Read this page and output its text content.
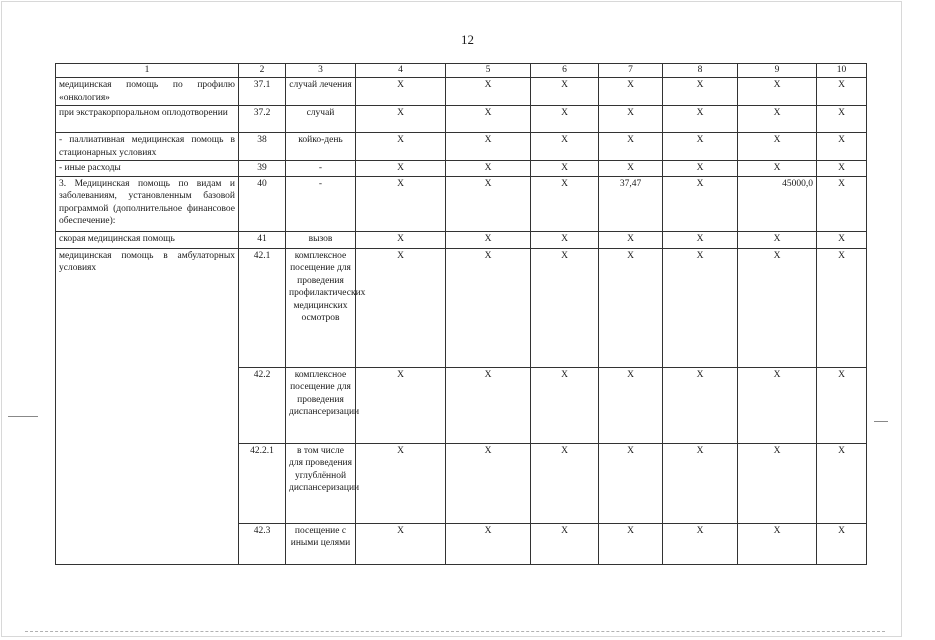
12
1	2	3	4	5	6	7	8	9	10
медицинская помощь по профилю «онкология»	37.1	случай лечения	Х	Х	Х	Х	Х	Х	Х
при экстракорпоральном оплодотворении	37.2	случай	Х	Х	Х	Х	Х	Х	Х
- паллиативная медицинская помощь в стационарных условиях	38	койко-день	Х	Х	Х	Х	Х	Х	Х
- иные расходы	39	-	Х	Х	Х	Х	Х	Х	Х
3. Медицинская помощь по видам и заболеваниям, установленным базовой программой (дополнительное финансовое обеспечение):	40	-	Х	Х	Х	37,47	Х	45000,0	Х
скорая медицинская помощь	41	вызов	Х	Х	Х	Х	Х	Х	Х
медицинская помощь в амбулаторных условиях	42.1	комплексное посещение для проведения профилактических медицинских осмотров	Х	Х	Х	Х	Х	Х	Х
	42.2	комплексное посещение для проведения диспансеризации	Х	Х	Х	Х	Х	Х	Х
	42.2.1	в том числе для проведения углублённой диспансеризации	Х	Х	Х	Х	Х	Х	Х
	42.3	посещение с иными целями	Х	Х	Х	Х	Х	Х	Х
